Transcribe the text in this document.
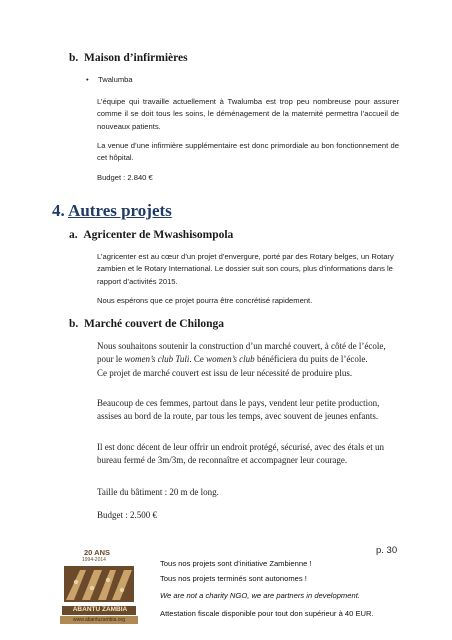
b. Maison d’infirmières
• Twalumba

L’équipe qui travaille actuellement à Twalumba est trop peu nombreuse pour assurer comme il se doit tous les soins, le déménagement de la maternité permettra l’accueil de nouveaux patients.

La venue d’une infirmière supplémentaire est donc primordiale au bon fonctionnement de cet hôpital.

Budget : 2.840 €

4. Autres projets
a. Agricenter de Mwashisompola

L’agricenter est au cœur d’un projet d’envergure, porté par des Rotary belges, un Rotary zambien et le Rotary International. Le dossier suit son cours, plus d’informations dans le rapport d’activités 2015.

Nous espérons que ce projet pourra être concrétisé rapidement.

b. Marché couvert de Chilonga

Nous souhaitons soutenir la construction d’un marché couvert, à côté de l’école, pour le women’s club Tuli. Ce women’s club bénéficiera du puits de l’école.

Ce projet de marché couvert est issu de leur nécessité de produire plus.

Beaucoup de ces femmes, partout dans le pays, vendent leur petite production, assises au bord de la route, par tous les temps, avec souvent de jeunes enfants.

Il est donc décent de leur offrir un endroit protégé, sécurisé, avec des étals et un bureau fermé de 3m/3m, de reconnaître et accompagner leur courage.

Taille du bâtiment : 20 m de long.

Budget : 2.500 €

20 ANS
1994-2014
ABANTU ZAMBIA
www.abantuzambia.org

Tous nos projets sont d’initiative Zambienne !

Tous nos projets terminés sont autonomes !

We are not a charity NGO, we are partners in development.

Attestation fiscale disponible pour tout don supérieur à 40 EUR.

p. 30
